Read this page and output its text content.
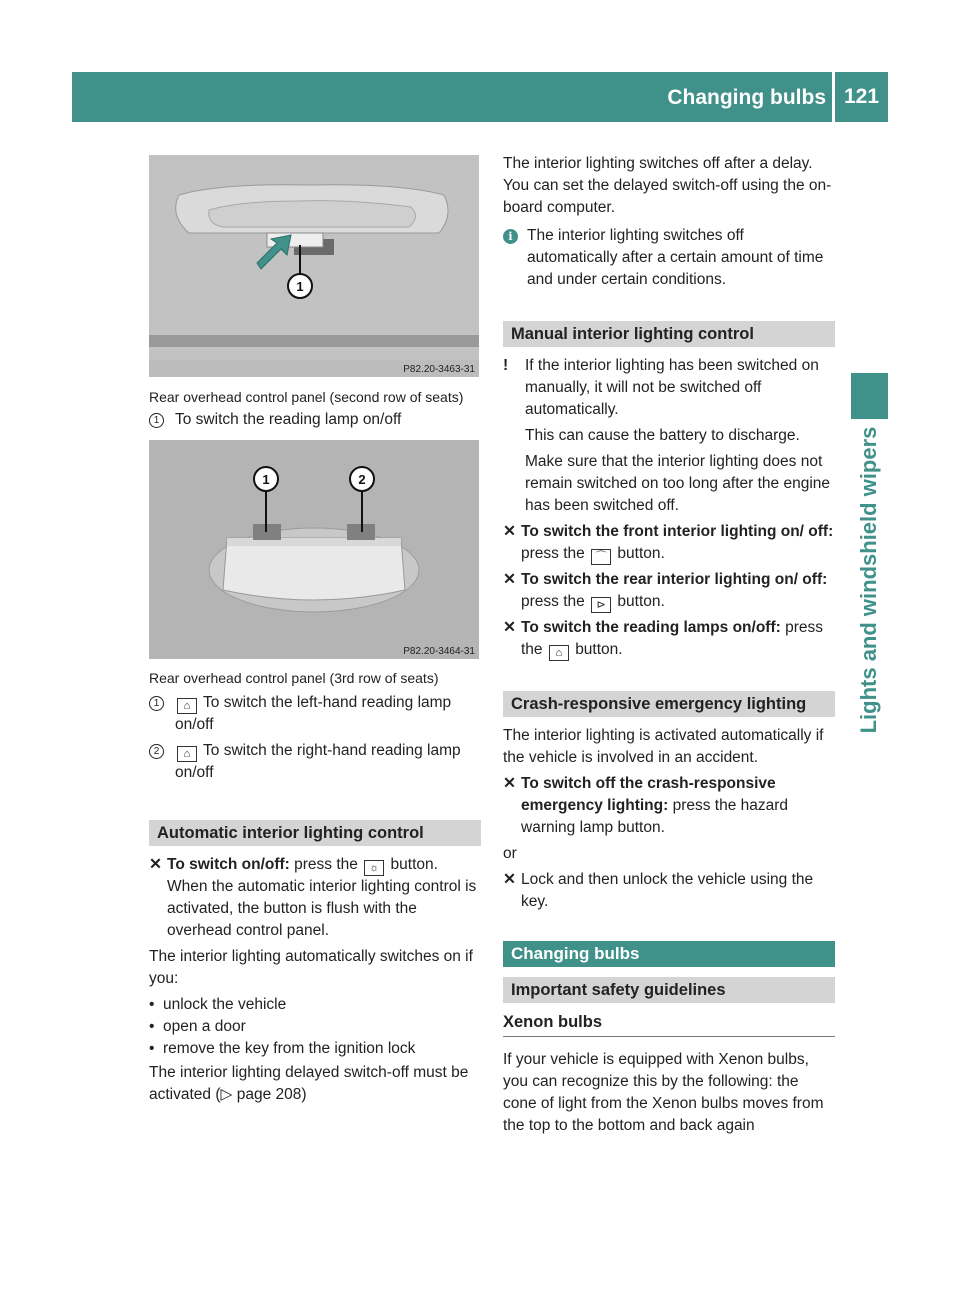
Changing bulbs 121
Lights and windshield wipers
1
P82.20-3463-31
1	2
P82.20-3464-31
Rear overhead control panel (second row of seats)
1	To switch the reading lamp on/off
Rear overhead control panel (3rd row of seats)
1	⌂ To switch the left-hand reading lamp on/off
2	⌂ To switch the right-hand reading lamp on/off
Automatic interior lighting control
✕ To switch on/off: press the ☼ button.

When the automatic interior lighting control is activated, the button is flush with the overhead control panel.

The interior lighting automatically switches on if you:

• unlock the vehicle
• open a door
• remove the key from the ignition lock

The interior lighting delayed switch-off must be activated (▷ page 208)

The interior lighting switches off after a delay. You can set the delayed switch-off using the on-board computer.

i The interior lighting switches off automatically after a certain amount of time and under certain conditions.
Manual interior lighting control
!	If the interior lighting has been switched on manually, it will not be switched off automatically.

This can cause the battery to discharge.

Make sure that the interior lighting does not remain switched on too long after the engine has been switched off.

✕ To switch the front interior lighting on/ off: press the ⌒ button.
✕ To switch the rear interior lighting on/ off: press the ⊳ button.
✕ To switch the reading lamps on/off: press the ⌂ button.
Crash-responsive emergency lighting

The interior lighting is activated automatically if the vehicle is involved in an accident.

✕ To switch off the crash-responsive emergency lighting: press the hazard warning lamp button.

or

✕ Lock and then unlock the vehicle using the key.
Changing bulbs
Important safety guidelines
Xenon bulbs

If your vehicle is equipped with Xenon bulbs, you can recognize this by the following: the cone of light from the Xenon bulbs moves from the top to the bottom and back again
